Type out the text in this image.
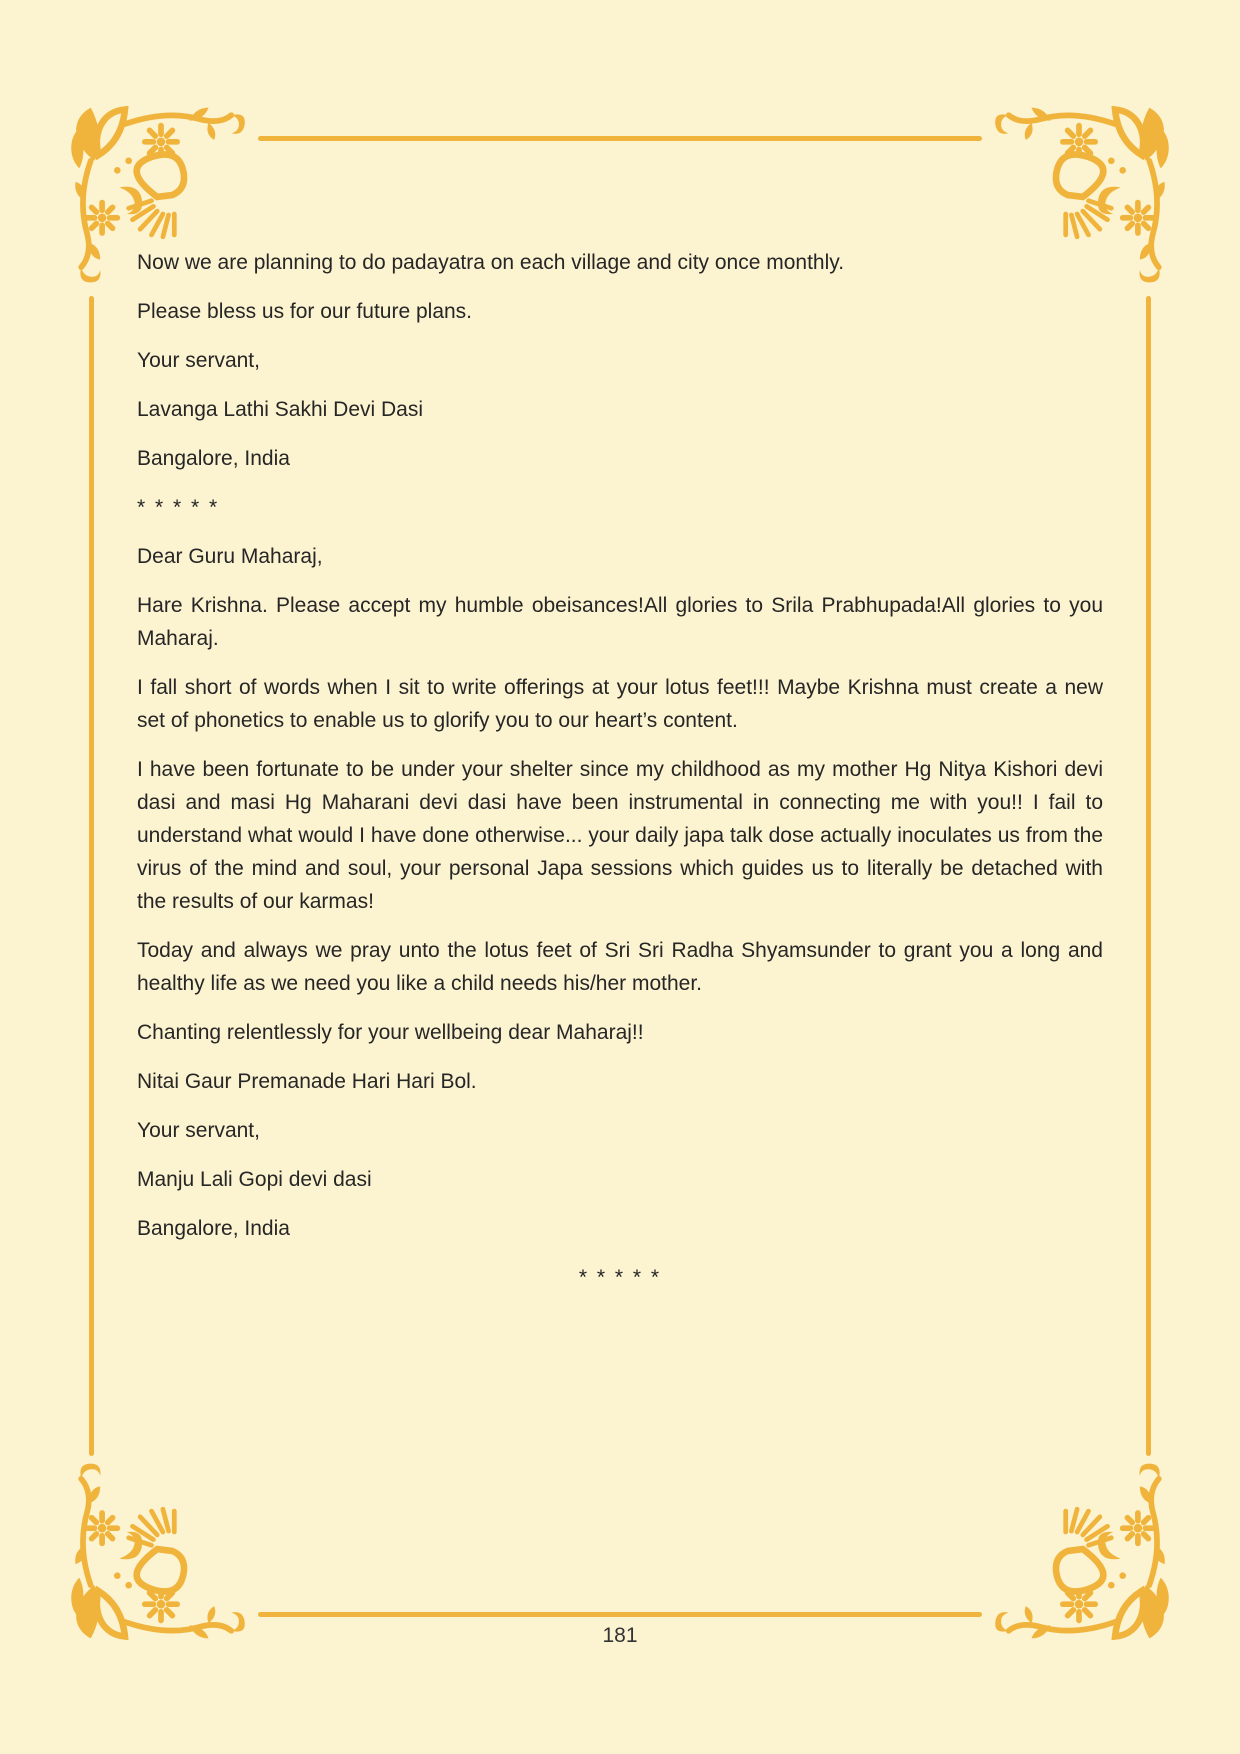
Now we are planning to do padayatra on each village and city once monthly.

Please bless us for our future plans.

Your servant,

Lavanga Lathi Sakhi Devi Dasi

Bangalore, India

* * * * *

Dear Guru Maharaj,

Hare Krishna. Please accept my humble obeisances!All glories to Srila Prabhupada!All glories to you Maharaj.

I fall short of words when I sit to write offerings at your lotus feet!!! Maybe Krishna must create a new set of phonetics to enable us to glorify you to our heart’s content.

I have been fortunate to be under your shelter since my childhood as my mother Hg Nitya Kishori devi dasi and masi Hg Maharani devi dasi have been instrumental in connecting me with you!! I fail to understand what would I have done otherwise... your daily japa talk dose actually inoculates us from the virus of the mind and soul, your personal Japa sessions which guides us to literally be detached with the results of our karmas!

Today and always we pray unto the lotus feet of Sri Sri Radha Shyamsunder to grant you a long and healthy life as we need you like a child needs his/her mother.

Chanting relentlessly for your wellbeing dear Maharaj!!

Nitai Gaur Premanade Hari Hari Bol.

Your servant,

Manju Lali Gopi devi dasi

Bangalore, India

* * * * *

181
